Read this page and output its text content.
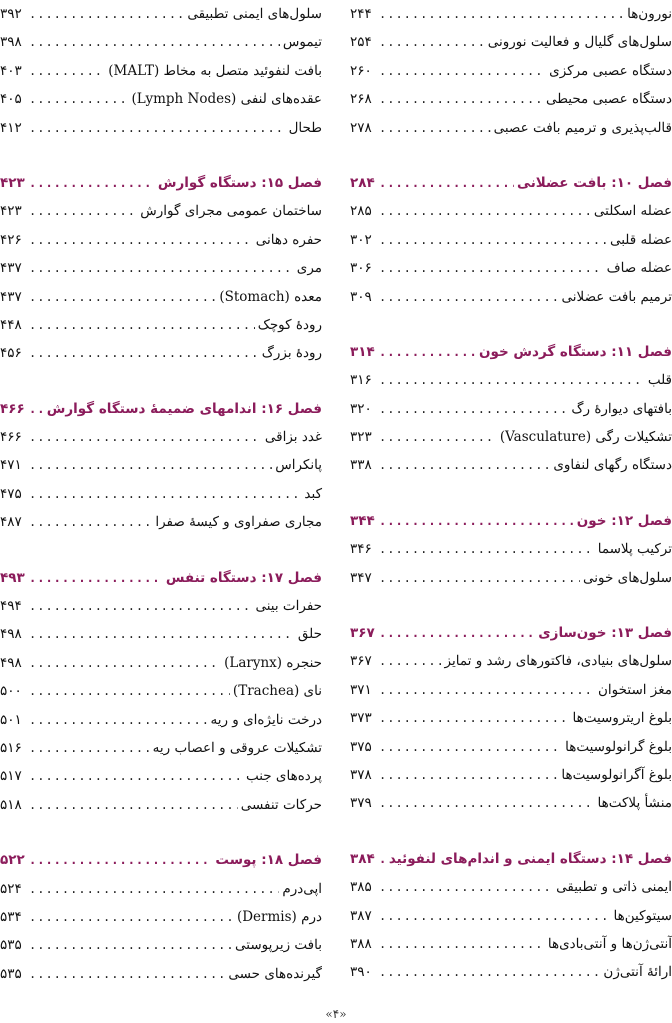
نورون‌ها
.....
۲۴۴
سلول‌های گلیال و فعالیت نورونی
.....
۲۵۴
دستگاه عصبی مرکزی
.....
۲۶۰
دستگاه عصبی محیطی
.....
۲۶۸
قالب‌پذیری و ترمیم بافت عصبی
.....
۲۷۸
فصل ۱۰: بافت عضلانی
.....
۲۸۴
عضله اسکلتی
.....
۲۸۵
عضله قلبی
.....
۳۰۲
عضله صاف
.....
۳۰۶
ترمیم بافت عضلانی
.....
۳۰۹
فصل ۱۱: دستگاه گردش خون
.....
۳۱۴
قلب
.....
۳۱۶
بافتهای دیوارهٔ رگ
.....
۳۲۰
تشکیلات رگی (Vasculature)
.....
۳۲۳
دستگاه رگهای لنفاوی
.....
۳۳۸
فصل ۱۲: خون
.....
۳۴۴
ترکیب پلاسما
.....
۳۴۶
سلول‌های خونی
.....
۳۴۷
فصل ۱۳: خون‌سازی
.....
۳۶۷
سلول‌های بنیادی، فاکتورهای رشد و تمایز
.....
۳۶۷
مغز استخوان
.....
۳۷۱
بلوغ اریتروسیت‌ها
.....
۳۷۳
بلوغ گرانولوسیت‌ها
.....
۳۷۵
بلوغ آگرانولوسیت‌ها
.....
۳۷۸
منشأ پلاکت‌ها
.....
۳۷۹
فصل ۱۴: دستگاه ایمنی و اندام‌های لنفوئید
.....
۳۸۴
ایمنی ذاتی و تطبیقی
.....
۳۸۵
سیتوکین‌ها
.....
۳۸۷
آنتی‌ژن‌ها و آنتی‌بادی‌ها
.....
۳۸۸
ارائهٔ آنتی‌ژن
.....
۳۹۰
سلول‌های ایمنی تطبیقی
.....
۳۹۲
تیموس
.....
۳۹۸
بافت لنفوئید متصل به مخاط (MALT)
.....
۴۰۳
عقده‌های لنفی (Lymph Nodes)
.....
۴۰۵
طحال
.....
۴۱۲
فصل ۱۵: دستگاه گوارش
.....
۴۲۳
ساختمان عمومی مجرای گوارش
.....
۴۲۳
حفره دهانی
.....
۴۲۶
مری
.....
۴۳۷
معده (Stomach)
.....
۴۳۷
رودهٔ کوچک
.....
۴۴۸
رودهٔ بزرگ
.....
۴۵۶
فصل ۱۶: اندامهای ضمیمهٔ دستگاه گوارش
.....
۴۶۶
غدد بزاقی
.....
۴۶۶
پانکراس
.....
۴۷۱
کبد
.....
۴۷۵
مجاری صفراوی و کیسهٔ صفرا
.....
۴۸۷
فصل ۱۷: دستگاه تنفس
.....
۴۹۳
حفرات بینی
.....
۴۹۴
حلق
.....
۴۹۸
حنجره (Larynx)
.....
۴۹۸
نای (Trachea)
.....
۵۰۰
درخت نایژه‌ای و ریه
.....
۵۰۱
تشکیلات عروقی و اعصاب ریه
.....
۵۱۶
پرده‌های جنب
.....
۵۱۷
حرکات تنفسی
.....
۵۱۸
فصل ۱۸: پوست
.....
۵۲۲
اپی‌درم
.....
۵۲۴
درم (Dermis)
.....
۵۳۴
بافت زیرپوستی
.....
۵۳۵
گیرنده‌های حسی
.....
۵۳۵
«۴»
